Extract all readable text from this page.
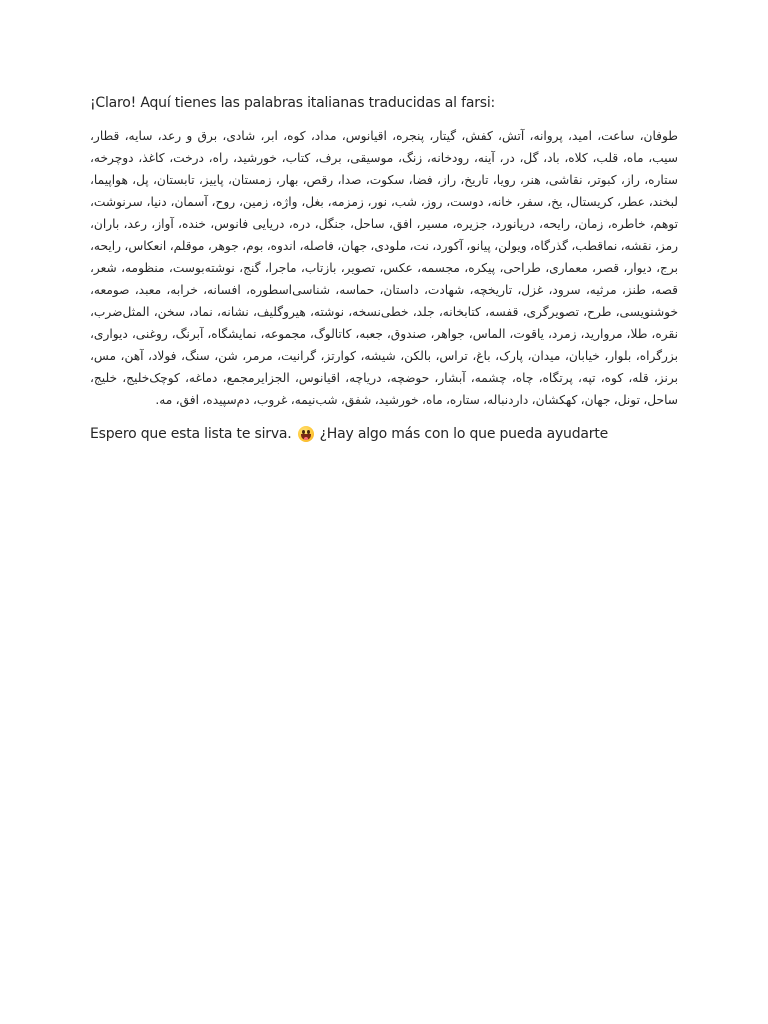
¡Claro! Aquí tienes las palabras italianas traducidas al farsi:

طوفان، ساعت، امید، پروانه، آتش، کفش، گیتار، پنجره، اقیانوس، مداد، کوه، ابر، شادی، برق و رعد، سایه، قطار، سیب، ماه، قلب، کلاه، باد، گل، در، آینه، رودخانه، زنگ، موسیقی، برف، کتاب، خورشید، راه، درخت، کاغذ، دوچرخه، ستاره، راز، کبوتر، نقاشی، هنر، رویا، تاریخ، راز، فضا، سکوت، صدا، رقص، بهار، زمستان، پاییز، تابستان، پل، هواپیما، لبخند، عطر، کریستال، یخ، سفر، خانه، دوست، روز، شب، نور، زمزمه، بغل، واژه، زمین، روح، آسمان، دنیا، سرنوشت، توهم، خاطره، زمان، رایحه، دریانورد، جزیره، مسیر، افق، ساحل، جنگل، دره، دریایی فانوس، خنده، آواز، رعد، باران، رمز، نقشه، نماقطب، گذرگاه، ویولن، پیانو، آکورد، نت، ملودی، جهان، فاصله، اندوه، بوم، جوهر، موقلم، انعکاس، رایحه، برج، دیوار، قصر، معماری، طراحی، پیکره، مجسمه، عکس، تصویر، بازتاب، ماجرا، گنج، نوشته‌بوست، منظومه، شعر، قصه، طنز، مرثیه، سرود، غزل، تاریخچه، شهادت، داستان، حماسه، شناسی‌اسطوره، افسانه، خرابه، معبد، صومعه، خوشنویسی، طرح، تصویرگری، قفسه، کتابخانه، جلد، خطی‌نسخه، نوشته، هیروگلیف، نشانه، نماد، سخن، المثل‌ضرب، نقره، طلا، مروارید، زمرد، یاقوت، الماس، جواهر، صندوق، جعبه، کاتالوگ، مجموعه، نمایشگاه، آبرنگ، روغنی، دیواری، بزرگراه، بلوار، خیابان، میدان، پارک، باغ، تراس، بالکن، شیشه، کوارتز، گرانیت، مرمر، شن، سنگ، فولاد، آهن، مس، برنز، قله، کوه، تپه، پرتگاه، چاه، چشمه، آبشار، حوضچه، دریاچه، اقیانوس، الجزایرمجمع، دماغه، کوچک‌خلیج، خلیج، ساحل، تونل، جهان، کهکشان، داردنباله، ستاره، ماه، خورشید، شفق، شب‌نیمه، غروب، دم‌سپیده، افق، مه.
Espero que esta lista te sirva. ¿Hay algo más con lo que pueda ayudarte
